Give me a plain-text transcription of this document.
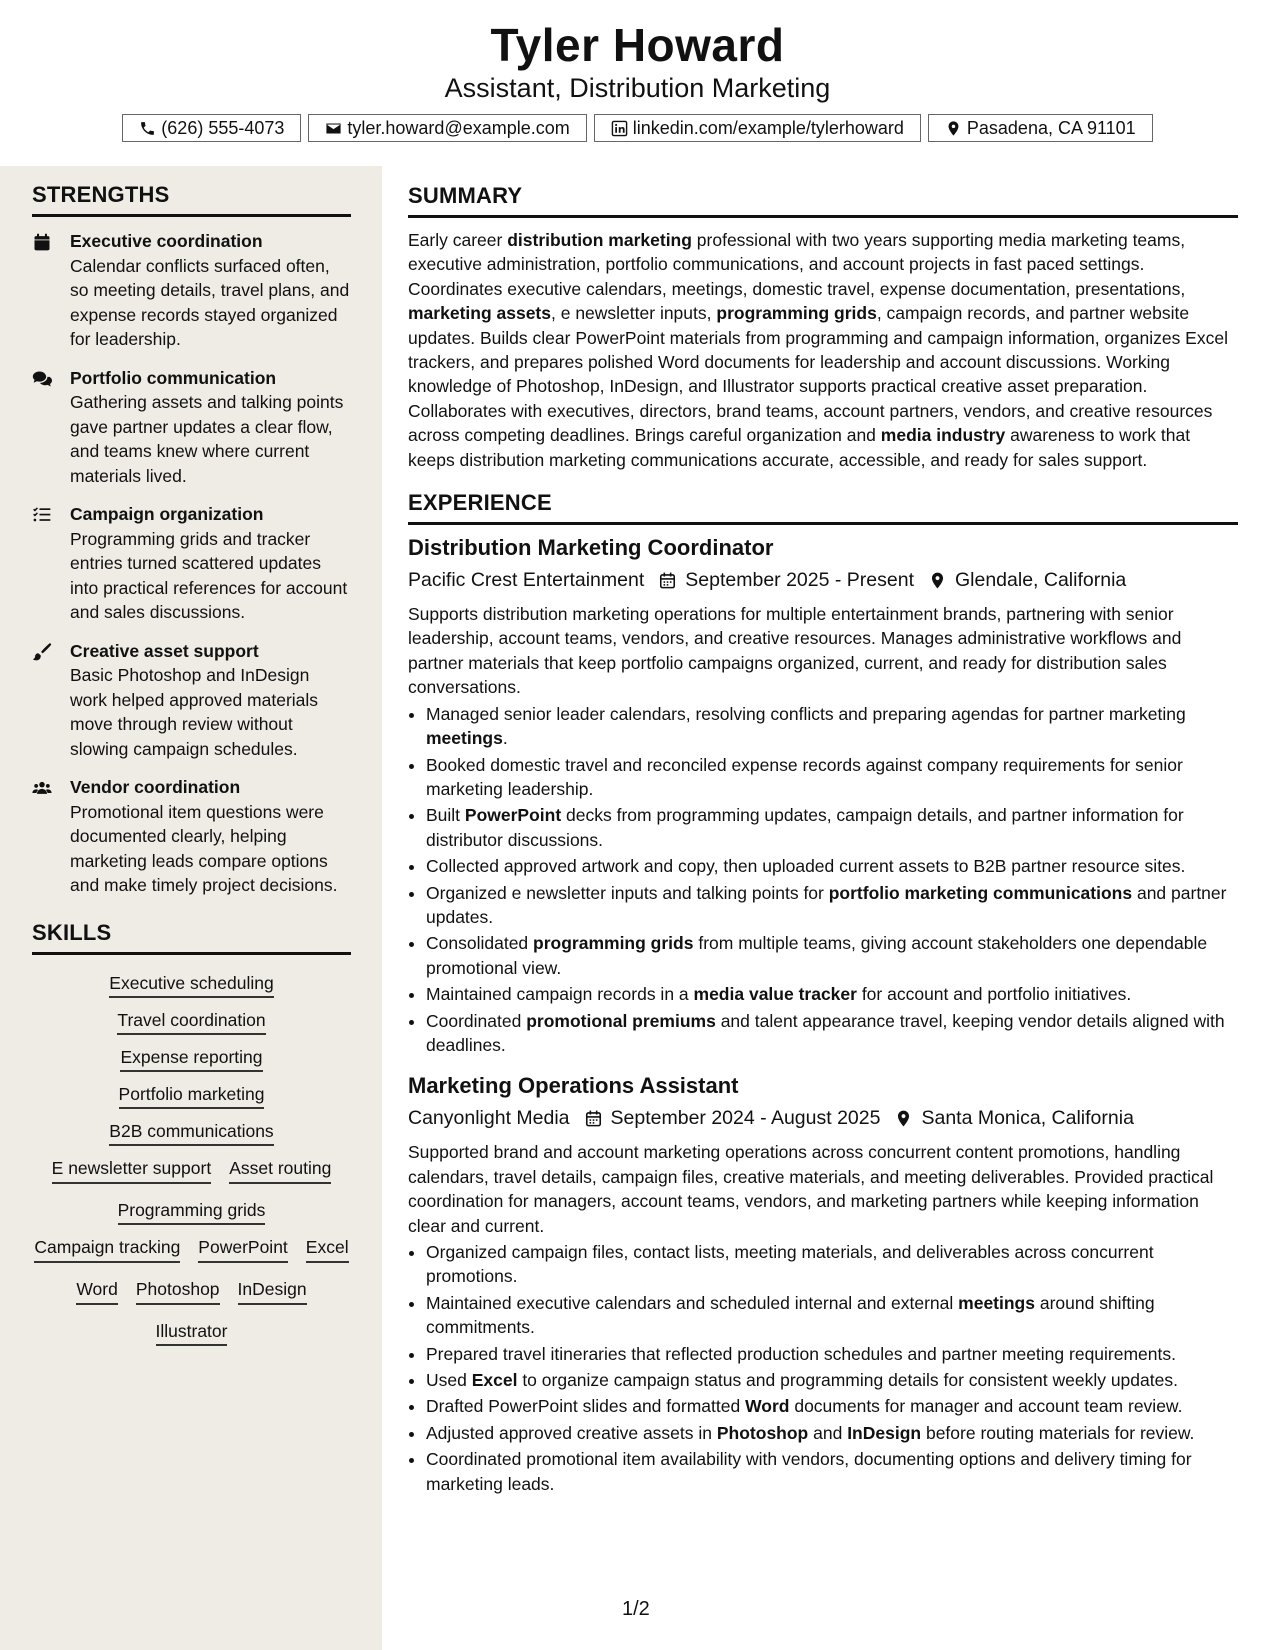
Tyler Howard
Assistant, Distribution Marketing
(626) 555-4073	tyler.howard@example.com	linkedin.com/example/tylerhoward	Pasadena, CA 91101
STRENGTHS
Executive coordination
Calendar conflicts surfaced often, so meeting details, travel plans, and expense records stayed organized for leadership.
Portfolio communication
Gathering assets and talking points gave partner updates a clear flow, and teams knew where current materials lived.
Campaign organization
Programming grids and tracker entries turned scattered updates into practical references for account and sales discussions.
Creative asset support
Basic Photoshop and InDesign work helped approved materials move through review without slowing campaign schedules.
Vendor coordination
Promotional item questions were documented clearly, helping marketing leads compare options and make timely project decisions.
SKILLS
Executive scheduling
Travel coordination
Expense reporting
Portfolio marketing
B2B communications
E newsletter support Asset routing
Programming grids
Campaign tracking PowerPoint Excel
Word Photoshop InDesign
Illustrator
SUMMARY

Early career distribution marketing professional with two years supporting media marketing teams, executive administration, portfolio communications, and account projects in fast paced settings. Coordinates executive calendars, meetings, domestic travel, expense documentation, presentations, marketing assets, e newsletter inputs, programming grids, campaign records, and partner website updates. Builds clear PowerPoint materials from programming and campaign information, organizes Excel trackers, and prepares polished Word documents for leadership and account discussions. Working knowledge of Photoshop, InDesign, and Illustrator supports practical creative asset preparation. Collaborates with executives, directors, brand teams, account partners, vendors, and creative resources across competing deadlines. Brings careful organization and media industry awareness to work that keeps distribution marketing communications accurate, accessible, and ready for sales support.

EXPERIENCE
Distribution Marketing Coordinator
Pacific Crest Entertainment September 2025 - Present Glendale, California

Supports distribution marketing operations for multiple entertainment brands, partnering with senior leadership, account teams, vendors, and creative resources. Manages administrative workflows and partner materials that keep portfolio campaigns organized, current, and ready for distribution sales conversations.

• Managed senior leader calendars, resolving conflicts and preparing agendas for partner marketing meetings.
• Booked domestic travel and reconciled expense records against company requirements for senior marketing leadership.
• Built PowerPoint decks from programming updates, campaign details, and partner information for distributor discussions.
• Collected approved artwork and copy, then uploaded current assets to B2B partner resource sites.
• Organized e newsletter inputs and talking points for portfolio marketing communications and partner updates.
• Consolidated programming grids from multiple teams, giving account stakeholders one dependable promotional view.
• Maintained campaign records in a media value tracker for account and portfolio initiatives.
• Coordinated promotional premiums and talent appearance travel, keeping vendor details aligned with deadlines.
Marketing Operations Assistant
Canyonlight Media September 2024 - August 2025 Santa Monica, California

Supported brand and account marketing operations across concurrent content promotions, handling calendars, travel details, campaign files, creative materials, and meeting deliverables. Provided practical coordination for managers, account teams, vendors, and marketing partners while keeping information clear and current.

• Organized campaign files, contact lists, meeting materials, and deliverables across concurrent promotions.
• Maintained executive calendars and scheduled internal and external meetings around shifting commitments.
• Prepared travel itineraries that reflected production schedules and partner meeting requirements.
• Used Excel to organize campaign status and programming details for consistent weekly updates.
• Drafted PowerPoint slides and formatted Word documents for manager and account team review.
• Adjusted approved creative assets in Photoshop and InDesign before routing materials for review.
• Coordinated promotional item availability with vendors, documenting options and delivery timing for marketing leads.
1/2
